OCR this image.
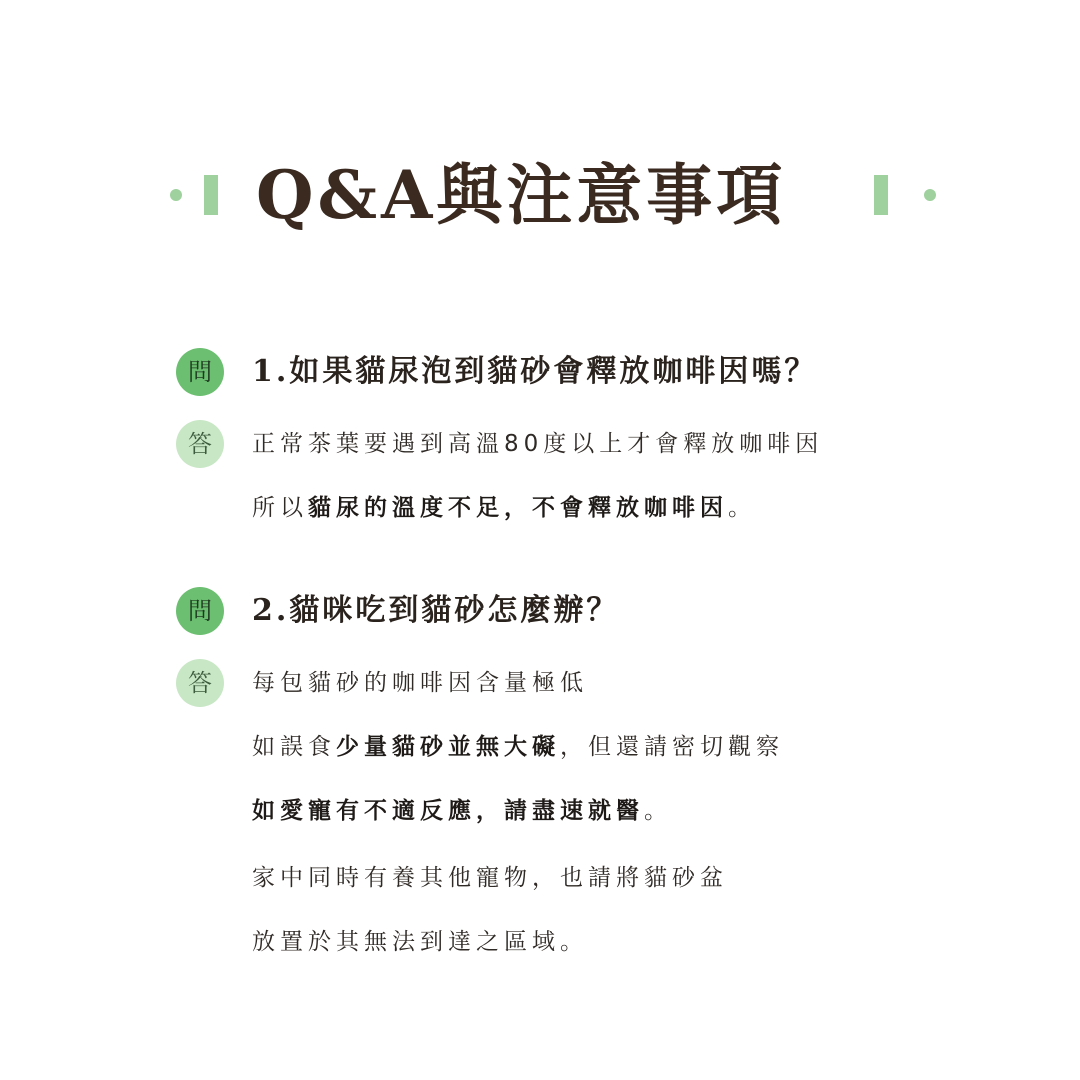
Q&A與注意事項
問	1.如果貓尿泡到貓砂會釋放咖啡因嗎？
答	正常茶葉要遇到高溫80度以上才會釋放咖啡因
所以貓尿的溫度不足，不會釋放咖啡因。
問	2.貓咪吃到貓砂怎麼辦？
答	每包貓砂的咖啡因含量極低
如誤食少量貓砂並無大礙，但還請密切觀察
如愛寵有不適反應，請盡速就醫。
家中同時有養其他寵物，也請將貓砂盆
放置於其無法到達之區域。
